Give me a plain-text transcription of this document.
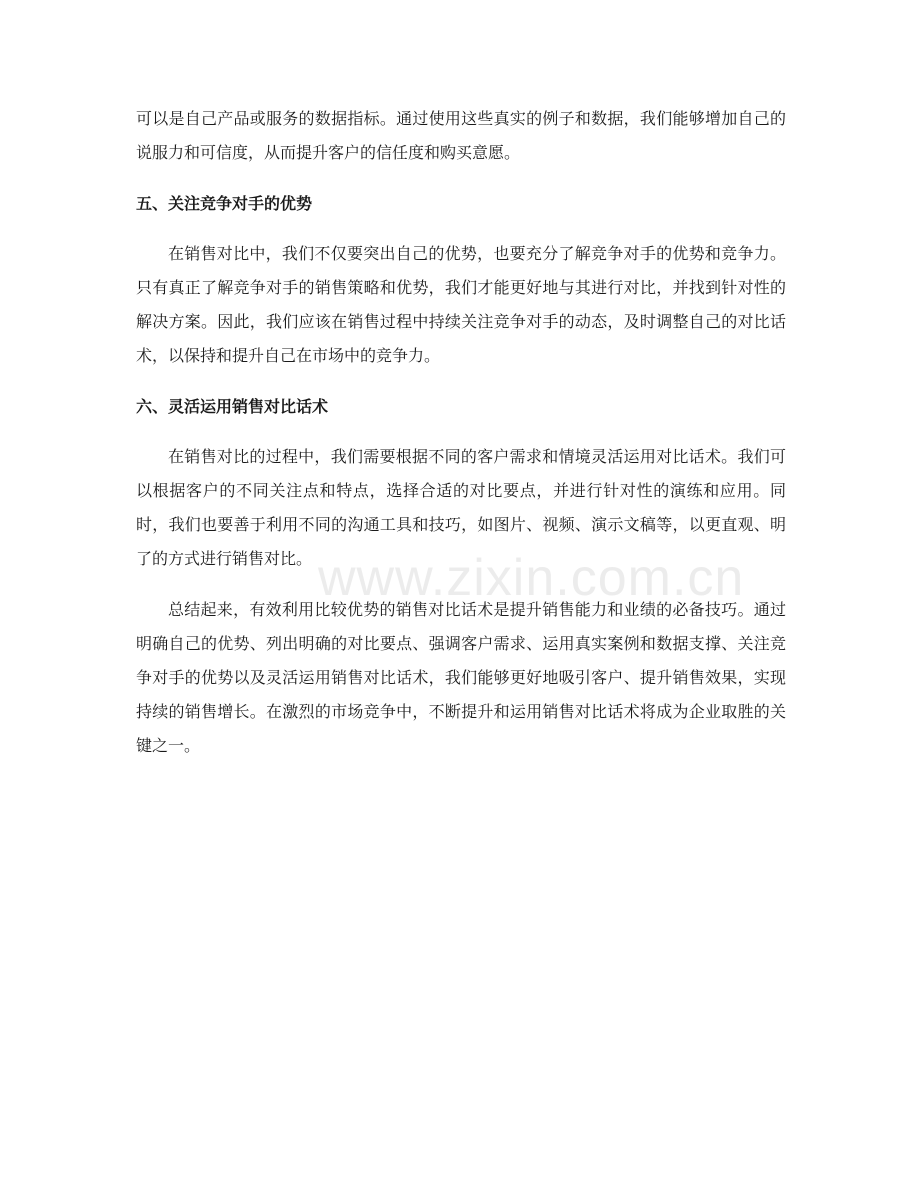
可以是自己产品或服务的数据指标。通过使用这些真实的例子和数据，我们能够增加自己的说服力和可信度，从而提升客户的信任度和购买意愿。

五、关注竞争对手的优势

在销售对比中，我们不仅要突出自己的优势，也要充分了解竞争对手的优势和竞争力。只有真正了解竞争对手的销售策略和优势，我们才能更好地与其进行对比，并找到针对性的解决方案。因此，我们应该在销售过程中持续关注竞争对手的动态，及时调整自己的对比话术，以保持和提升自己在市场中的竞争力。

六、灵活运用销售对比话术

在销售对比的过程中，我们需要根据不同的客户需求和情境灵活运用对比话术。我们可以根据客户的不同关注点和特点，选择合适的对比要点，并进行针对性的演练和应用。同时，我们也要善于利用不同的沟通工具和技巧，如图片、视频、演示文稿等，以更直观、明了的方式进行销售对比。

总结起来，有效利用比较优势的销售对比话术是提升销售能力和业绩的必备技巧。通过明确自己的优势、列出明确的对比要点、强调客户需求、运用真实案例和数据支撑、关注竞争对手的优势以及灵活运用销售对比话术，我们能够更好地吸引客户、提升销售效果，实现持续的销售增长。在激烈的市场竞争中，不断提升和运用销售对比话术将成为企业取胜的关键之一。

www.zixin.com.cn
